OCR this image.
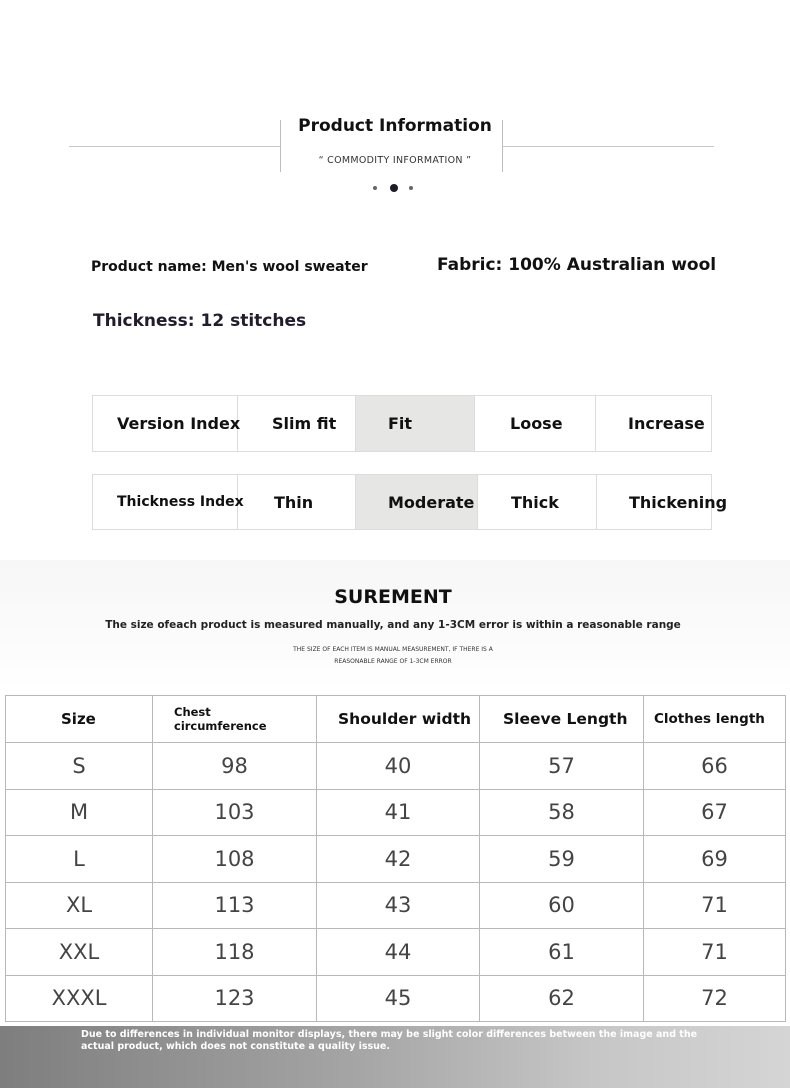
Product Information
“ COMMODITY INFORMATION ”
Product name: Men's wool sweater	Fabric: 100% Australian wool
Thickness: 12 stitches
Version Index	Slim fit	Fit	Loose	Increase
Thickness Index	Thin	Moderate	Thick	Thickening
SUREMENT
The size ofeach product is measured manually, and any 1-3CM error is within a reasonable range
THE SIZE OF EACH ITEM IS MANUAL MEASUREMENT, IF THERE IS A
REASONABLE RANGE OF 1-3CM ERROR
Size	Chest circumference	Shoulder width	Sleeve Length	Clothes length
S	98	40	57	66
M	103	41	58	67
L	108	42	59	69
XL	113	43	60	71
XXL	118	44	61	71
XXXL	123	45	62	72
Due to differences in individual monitor displays, there may be slight color differences between the image and the actual product, which does not constitute a quality issue.
